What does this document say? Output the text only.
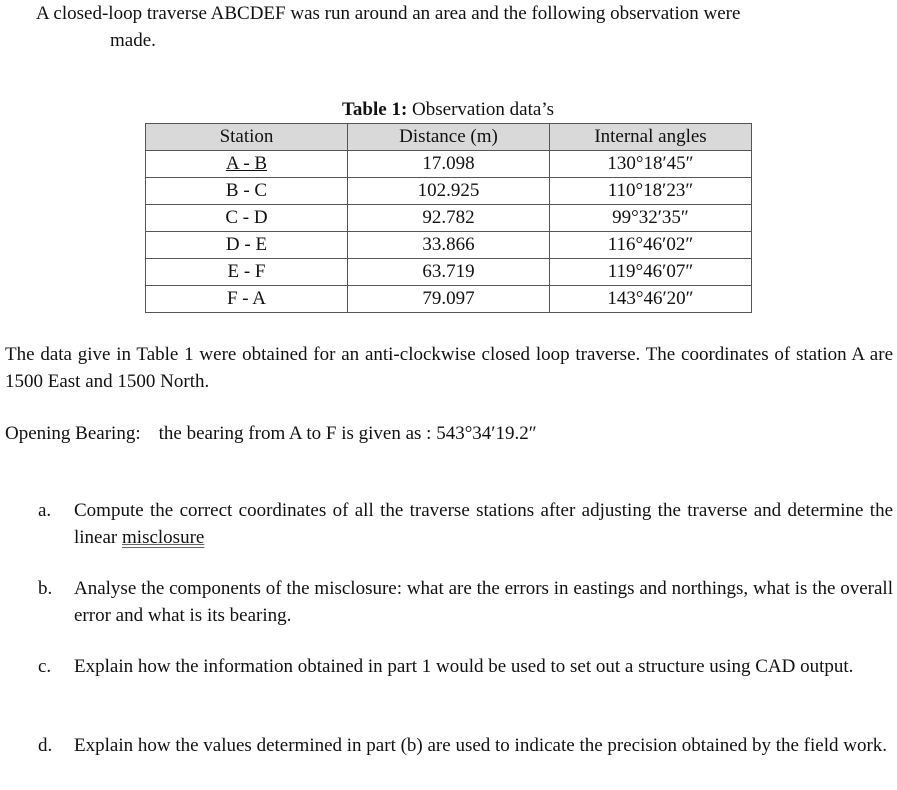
A closed-loop traverse ABCDEF was run around an area and the following observation were
made.
Table 1: Observation data’s
Station	Distance (m)	Internal angles
A - B	17.098	130°18′45″
B - C	102.925	110°18′23″
C - D	92.782	99°32′35″
D - E	33.866	116°46′02″
E - F	63.719	119°46′07″
F - A	79.097	143°46′20″
The data give in Table 1 were obtained for an anti-clockwise closed loop traverse. The coordinates of station A are 1500 East and 1500 North.
Opening Bearing: the bearing from A to F is given as : 543°34′19.2″
a.	Compute the correct coordinates of all the traverse stations after adjusting the traverse and determine the linear misclosure
b.	Analyse the components of the misclosure: what are the errors in eastings and northings, what is the overall error and what is its bearing.
c.	Explain how the information obtained in part 1 would be used to set out a structure using CAD output.
d.	Explain how the values determined in part (b) are used to indicate the precision obtained by the field work.
